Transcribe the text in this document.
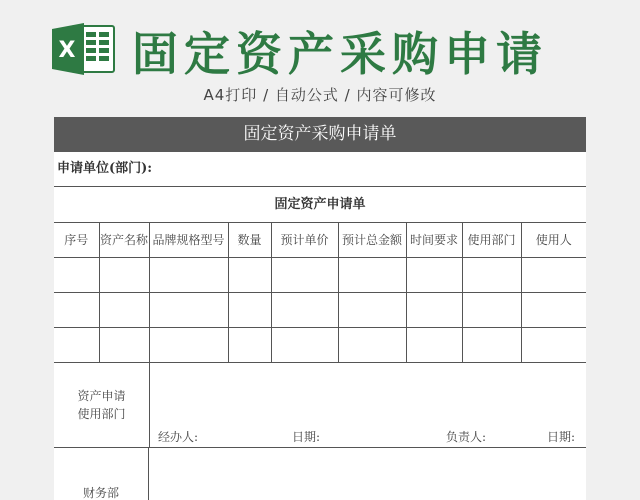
X 固定资产采购申请
A4打印 / 自动公式 / 内容可修改
固定资产采购申请单
申请单位(部门):
固定资产申请单
序号	资产名称	品牌规格型号	数量	预计单价	预计总金额	时间要求	使用部门	使用人

资产申请
使用部门
经办人:	日期:	负责人:	日期:
财务部
